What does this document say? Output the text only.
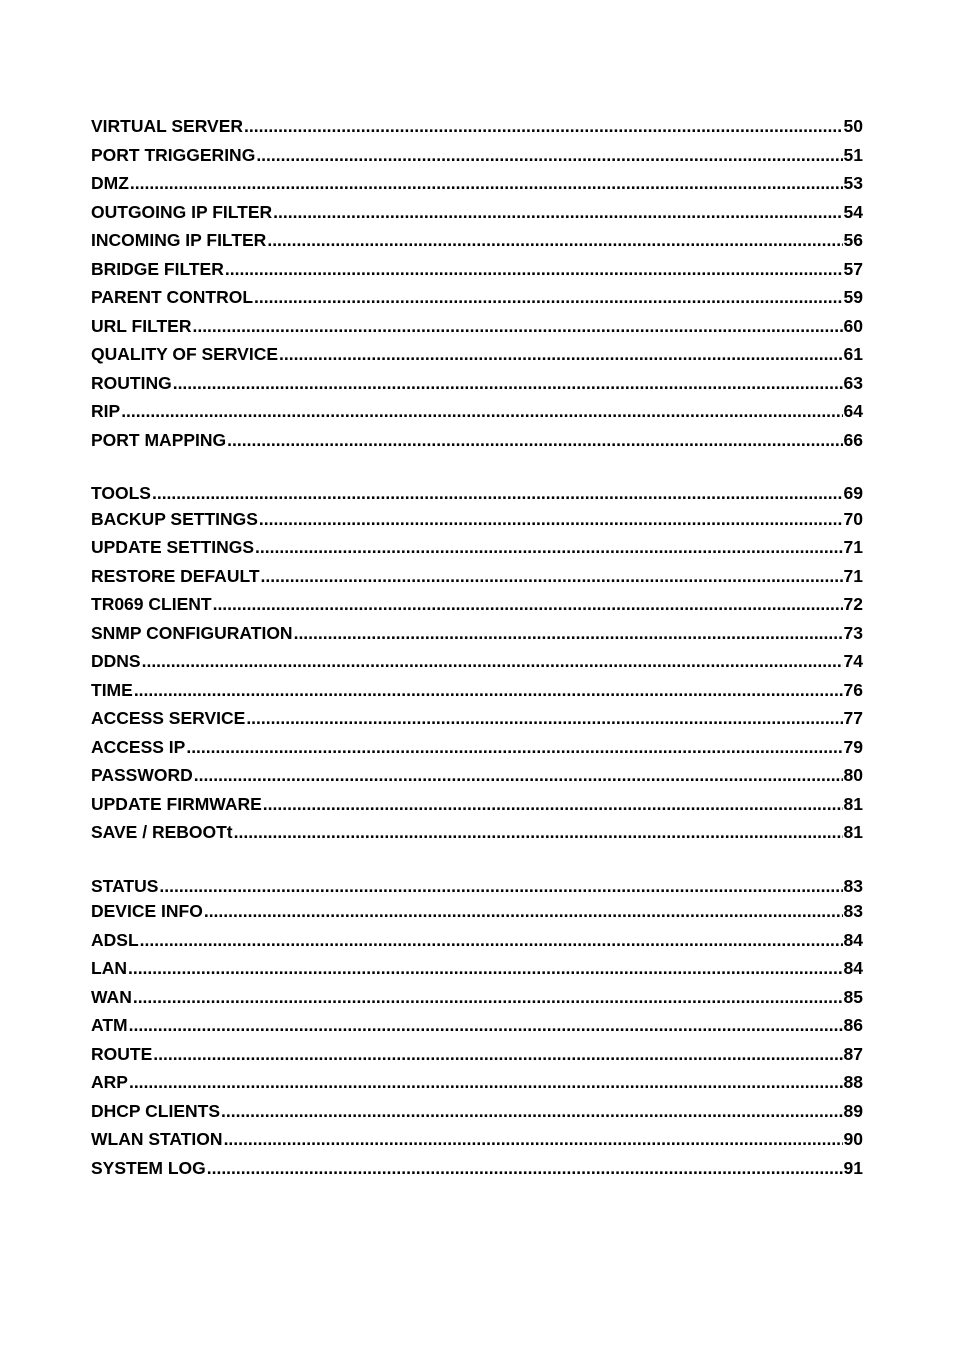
VIRTUAL SERVER .....	50
PORT TRIGGERING .....	51
DMZ .....	53
OUTGOING IP FILTER .....	54
INCOMING IP FILTER .....	56
BRIDGE FILTER .....	57
PARENT CONTROL .....	59
URL FILTER .....	60
QUALITY OF SERVICE .....	61
ROUTING .....	63
RIP .....	64
PORT MAPPING .....	66
TOOLS .....	69
BACKUP SETTINGS .....	70
UPDATE SETTINGS .....	71
RESTORE DEFAULT .....	71
TR069 CLIENT .....	72
SNMP CONFIGURATION .....	73
DDNS .....	74
TIME .....	76
ACCESS SERVICE .....	77
ACCESS IP .....	79
PASSWORD .....	80
UPDATE FIRMWARE .....	81
SAVE / REBOOTt .....	81
STATUS .....	83
DEVICE INFO .....	83
ADSL .....	84
LAN .....	84
WAN .....	85
ATM .....	86
ROUTE .....	87
ARP .....	88
DHCP CLIENTS .....	89
WLAN STATION .....	90
SYSTEM LOG .....	91
